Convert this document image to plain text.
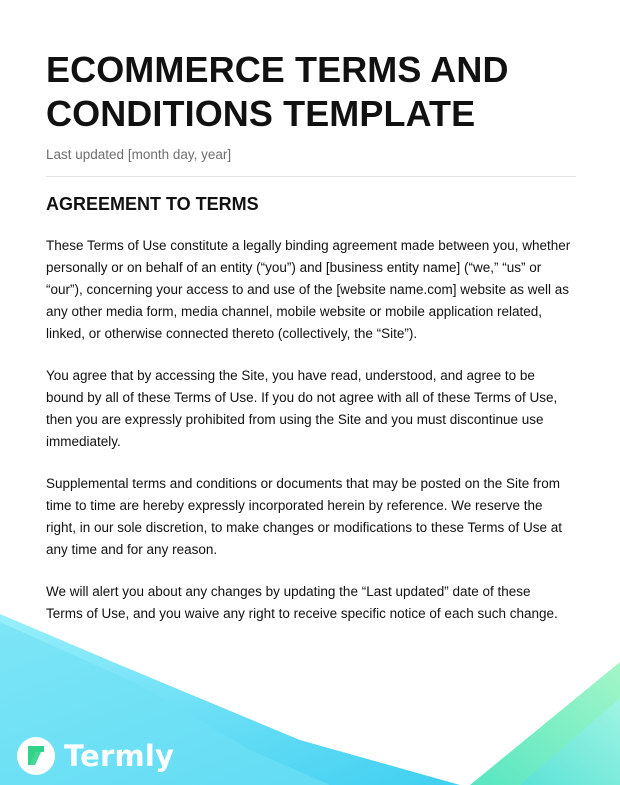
ECOMMERCE TERMS AND
CONDITIONS TEMPLATE
Last updated [month day, year]
AGREEMENT TO TERMS

These Terms of Use constitute a legally binding agreement made between you, whether
personally or on behalf of an entity (“you”) and [business entity name] (“we,” “us” or
“our”), concerning your access to and use of the [website name.com] website as well as
any other media form, media channel, mobile website or mobile application related,
linked, or otherwise connected thereto (collectively, the “Site”).

You agree that by accessing the Site, you have read, understood, and agree to be
bound by all of these Terms of Use. If you do not agree with all of these Terms of Use,
then you are expressly prohibited from using the Site and you must discontinue use
immediately.

Supplemental terms and conditions or documents that may be posted on the Site from
time to time are hereby expressly incorporated herein by reference. We reserve the
right, in our sole discretion, to make changes or modifications to these Terms of Use at
any time and for any reason.

We will alert you about any changes by updating the “Last updated” date of these
Terms of Use, and you waive any right to receive specific notice of each such change.

Termly
